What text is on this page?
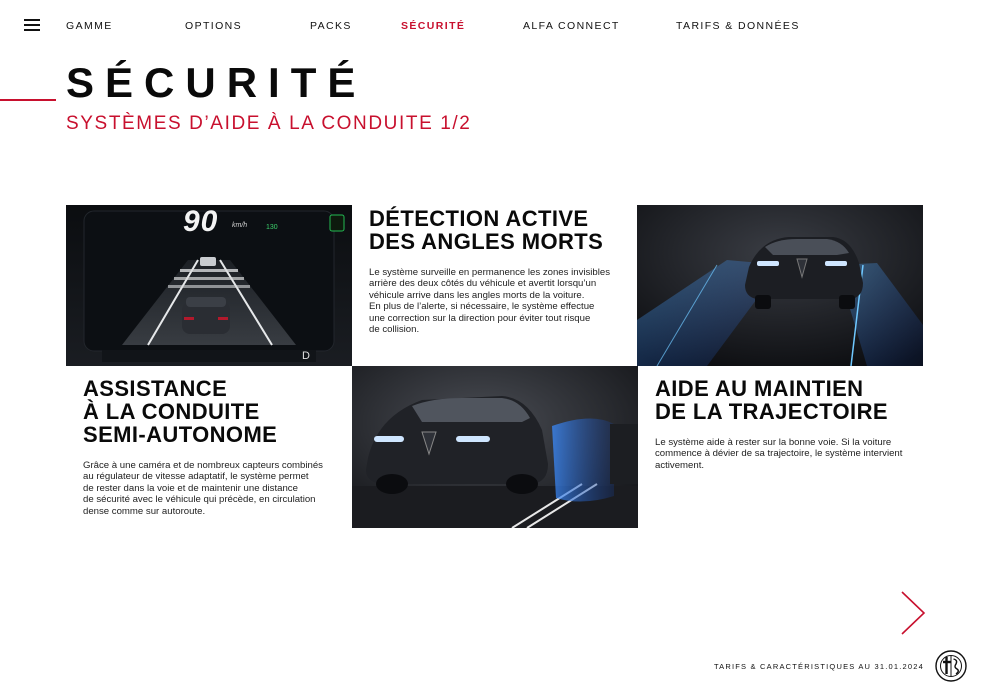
GAMME	OPTIONS	PACKS	SÉCURITÉ	ALFA CONNECT	TARIFS & DONNÉES
SÉCURITÉ
SYSTÈMES D’AIDE À LA CONDUITE 1/2
90 km/h	130
D
DÉTECTION ACTIVE
DES ANGLES MORTS

Le système surveille en permanence les zones invisibles
arrière des deux côtés du véhicule et avertit lorsqu’un
véhicule arrive dans les angles morts de la voiture.
En plus de l’alerte, si nécessaire, le système effectue
une correction sur la direction pour éviter tout risque
de collision.

ASSISTANCE
À LA CONDUITE
SEMI-AUTONOME

Grâce à une caméra et de nombreux capteurs combinés
au régulateur de vitesse adaptatif, le système permet
de rester dans la voie et de maintenir une distance
de sécurité avec le véhicule qui précède, en circulation
dense comme sur autoroute.

AIDE AU MAINTIEN
DE LA TRAJECTOIRE

Le système aide à rester sur la bonne voie. Si la voiture
commence à dévier de sa trajectoire, le système intervient
activement.

TARIFS & CARACTÉRISTIQUES AU 31.01.2024
